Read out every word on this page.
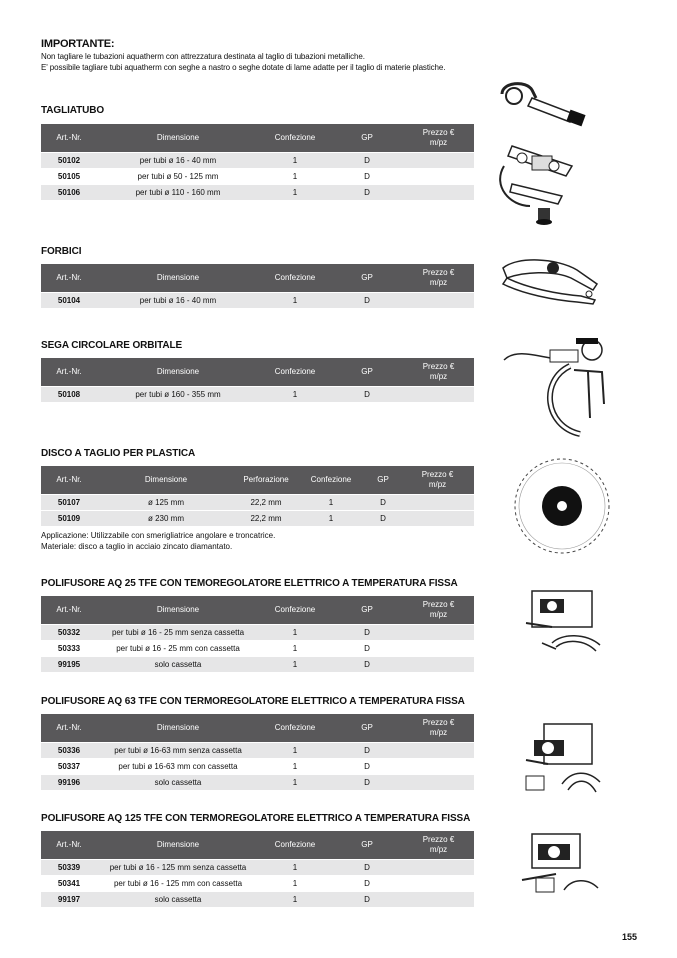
IMPORTANTE:
Non tagliare le tubazioni aquatherm con attrezzatura destinata al taglio di tubazioni metalliche.
E' possibile tagliare tubi aquatherm con seghe a nastro o seghe dotate di lame adatte per il taglio di materie plastiche.
TAGLIATUBO
Art.-Nr.	Dimensione	Confezione	GP	Prezzo €
m/pz
50102	per tubi ø 16 - 40 mm	1	D	
50105	per tubi ø 50 - 125 mm	1	D	
50106	per tubi ø 110 - 160 mm	1	D	
FORBICI
Art.-Nr.	Dimensione	Confezione	GP	Prezzo €
m/pz
50104	per tubi ø 16 - 40 mm	1	D	
SEGA CIRCOLARE ORBITALE
Art.-Nr.	Dimensione	Confezione	GP	Prezzo €
m/pz
50108	per tubi ø 160 - 355 mm	1	D	
DISCO A TAGLIO PER PLASTICA
Art.-Nr.	Dimensione	Perforazione	Confezione	GP	Prezzo €
m/pz
50107	ø 125 mm	22,2 mm	1	D	
50109	ø 230 mm	22,2 mm	1	D	
Applicazione: Utilizzabile con smerigliatrice angolare e troncatrice.
Materiale: disco a taglio in acciaio zincato diamantato.
POLIFUSORE AQ 25 TFE CON TEMOREGOLATORE ELETTRICO A TEMPERATURA FISSA
Art.-Nr.	Dimensione	Confezione	GP	Prezzo €
m/pz
50332	per tubi ø 16 - 25 mm senza cassetta	1	D	
50333	per tubi ø 16 - 25 mm con cassetta	1	D	
99195	solo cassetta	1	D	
POLIFUSORE AQ 63 TFE CON TERMOREGOLATORE ELETTRICO A TEMPERATURA FISSA
Art.-Nr.	Dimensione	Confezione	GP	Prezzo €
m/pz
50336	per tubi ø 16-63 mm senza cassetta	1	D	
50337	per tubi ø 16-63 mm con cassetta	1	D	
99196	solo cassetta	1	D	
POLIFUSORE AQ 125 TFE CON TERMOREGOLATORE ELETTRICO A TEMPERATURA FISSA
Art.-Nr.	Dimensione	Confezione	GP	Prezzo €
m/pz
50339	per tubi ø 16 - 125 mm senza cassetta	1	D	
50341	per tubi ø 16 - 125 mm con cassetta	1	D	
99197	solo cassetta	1	D	
155
